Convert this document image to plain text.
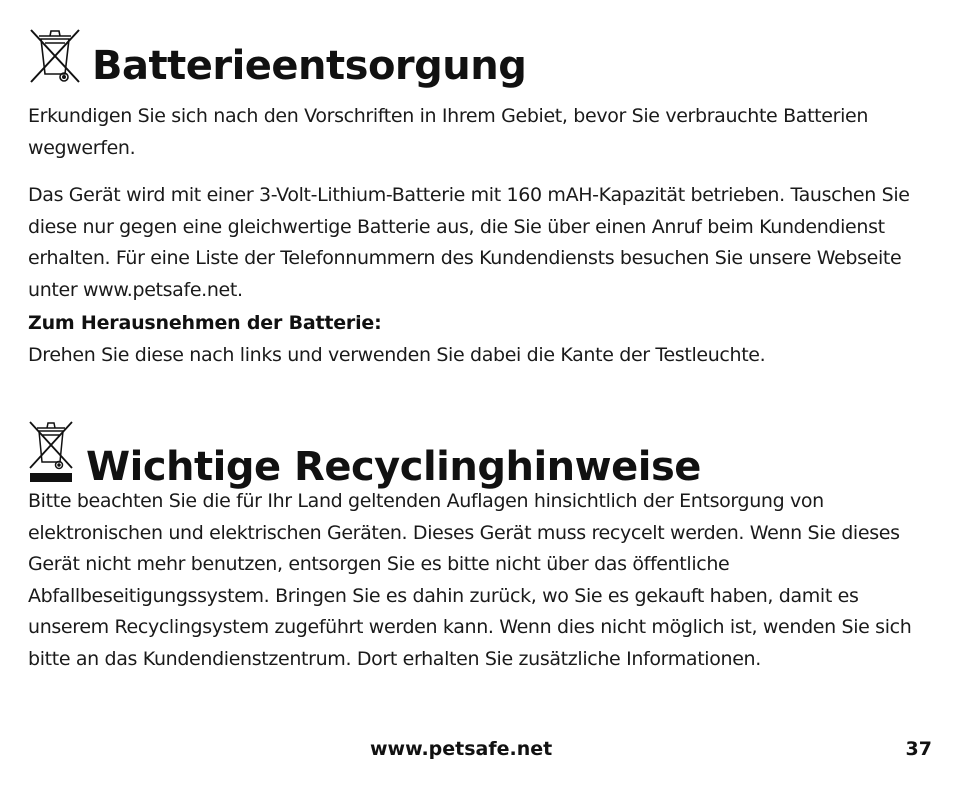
Batterieentsorgung

Erkundigen Sie sich nach den Vorschriften in Ihrem Gebiet, bevor Sie verbrauchte Batterien wegwerfen.

Das Gerät wird mit einer 3-Volt-Lithium-Batterie mit 160 mAH-Kapazität betrieben. Tauschen Sie diese nur gegen eine gleichwertige Batterie aus, die Sie über einen Anruf beim Kundendienst erhalten. Für eine Liste der Telefonnummern des Kundendiensts besuchen Sie unsere Webseite unter www.petsafe.net.

Zum Herausnehmen der Batterie:

Drehen Sie diese nach links und verwenden Sie dabei die Kante der Testleuchte.

Wichtige Recyclinghinweise

Bitte beachten Sie die für Ihr Land geltenden Auflagen hinsichtlich der Entsorgung von elektronischen und elektrischen Geräten. Dieses Gerät muss recycelt werden. Wenn Sie dieses Gerät nicht mehr benutzen, entsorgen Sie es bitte nicht über das öffentliche Abfallbeseitigungssystem. Bringen Sie es dahin zurück, wo Sie es gekauft haben, damit es unserem Recyclingsystem zugeführt werden kann. Wenn dies nicht möglich ist, wenden Sie sich bitte an das Kundendienstzentrum. Dort erhalten Sie zusätzliche Informationen.

www.petsafe.net	37
